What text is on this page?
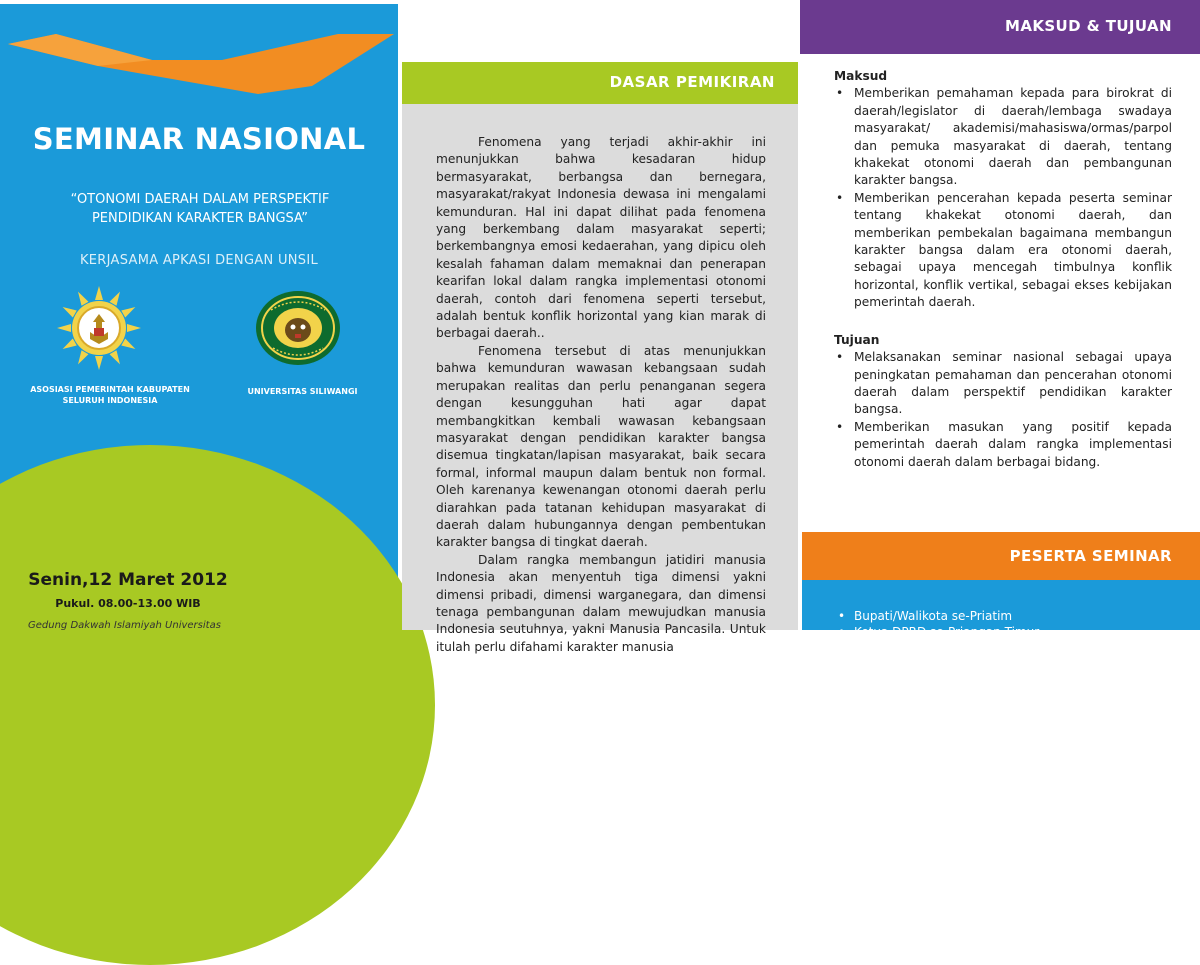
SEMINAR NASIONAL
“OTONOMI DAERAH DALAM PERSPEKTIF
PENDIDIKAN KARAKTER BANGSA”
KERJASAMA APKASI DENGAN UNSIL
ASOSIASI PEMERINTAH KABUPATEN
SELURUH INDONESIA
UNIVERSITAS SILIWANGI
Senin,12 Maret 2012
Pukul. 08.00-13.00 WIB
Gedung Dakwah Islamiyah Universitas
DASAR PEMIKIRAN

Fenomena yang terjadi akhir-akhir ini menunjukkan bahwa kesadaran hidup bermasyarakat, berbangsa dan bernegara, masyarakat/rakyat Indonesia dewasa ini mengalami kemunduran. Hal ini dapat dilihat pada fenomena yang berkembang dalam masyarakat seperti; berkembangnya emosi kedaerahan, yang dipicu oleh kesalah fahaman dalam memaknai dan penerapan kearifan lokal dalam rangka implementasi otonomi daerah, contoh dari fenomena seperti tersebut, adalah bentuk konflik horizontal yang kian marak di berbagai daerah..

Fenomena tersebut di atas menunjukkan bahwa kemunduran wawasan kebangsaan sudah merupakan realitas dan perlu penanganan segera dengan kesungguhan hati agar dapat membangkitkan kembali wawasan kebangsaan masyarakat dengan pendidikan karakter bangsa disemua tingkatan/lapisan masyarakat, baik secara formal, informal maupun dalam bentuk non formal. Oleh karenanya kewenangan otonomi daerah perlu diarahkan pada tatanan kehidupan masyarakat di daerah dalam hubungannya dengan pembentukan karakter bangsa di tingkat daerah.

Dalam rangka membangun jatidiri manusia Indonesia akan menyentuh tiga dimensi yakni dimensi pribadi, dimensi warganegara, dan dimensi tenaga pembangunan dalam mewujudkan manusia Indonesia seutuhnya, yakni Manusia Pancasila. Untuk itulah perlu difahami karakter manusia

MAKSUD & TUJUAN
Maksud
• Memberikan pemahaman kepada para birokrat di daerah/legislator di daerah/lembaga swadaya masyarakat/ akademisi/mahasiswa/ormas/parpol dan pemuka masyarakat di daerah, tentang khakekat otonomi daerah dan pembangunan karakter bangsa.
• Memberikan pencerahan kepada peserta seminar tentang khakekat otonomi daerah, dan memberikan pembekalan bagaimana membangun karakter bangsa dalam era otonomi daerah, sebagai upaya mencegah timbulnya konflik horizontal, konflik vertikal, sebagai ekses kebijakan pemerintah daerah.
Tujuan
• Melaksanakan seminar nasional sebagai upaya peningkatan pemahaman dan pencerahan otonomi daerah dalam perspektif pendidikan karakter bangsa.
• Memberikan masukan yang positif kepada pemerintah daerah dalam rangka implementasi otonomi daerah dalam berbagai bidang.
PESERTA SEMINAR
• Bupati/Walikota se-Priatim
• Ketua DPRD se-Priangan Timur
